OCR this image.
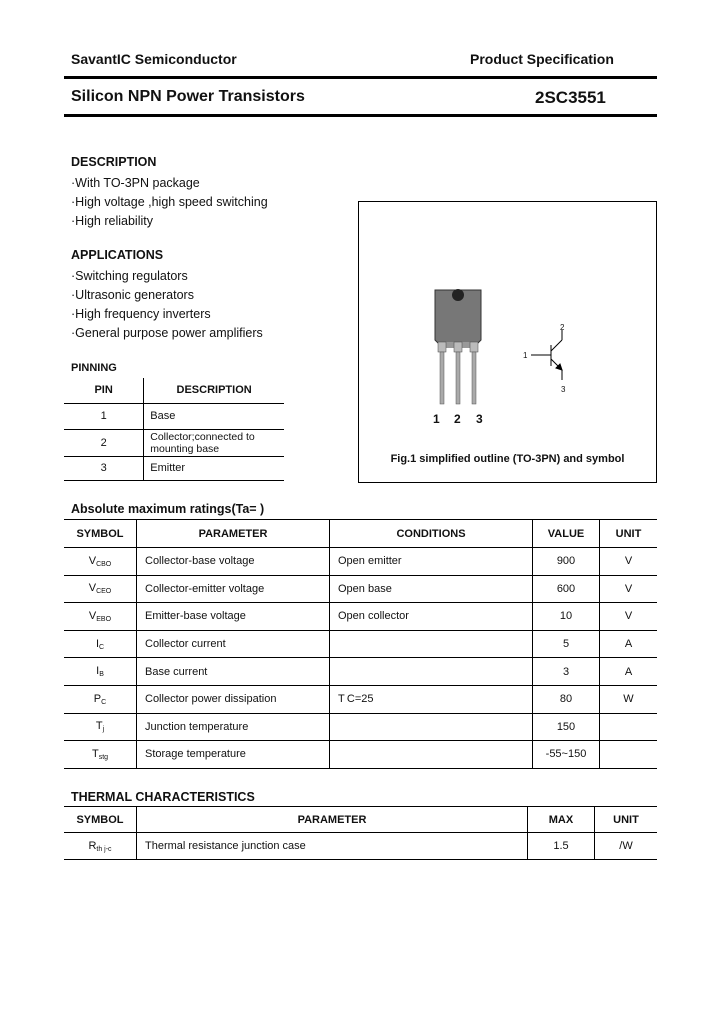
SavantIC Semiconductor	Product Specification
Silicon NPN Power Transistors	2SC3551
DESCRIPTION
·With TO-3PN package
·High voltage ,high speed switching
·High reliability
APPLICATIONS
·Switching regulators
·Ultrasonic generators
·High frequency inverters
·General purpose power amplifiers
PINNING
PIN	DESCRIPTION
1	Base
2	Collector;connected to mounting base
3	Emitter
1 2 3
2
1
3
Fig.1 simplified outline (TO-3PN) and symbol
Absolute maximum ratings(Ta= )
SYMBOL	PARAMETER	CONDITIONS	VALUE	UNIT
$V_{CBO}$	Collector-base voltage	Open emitter	900	V
$V_{CEO}$	Collector-emitter voltage	Open base	600	V
$V_{EBO}$	Emitter-base voltage	Open collector	10	V
$I_C$	Collector current		5	A
$I_B$	Base current		3	A
$P_C$	Collector power dissipation	T C=25	80	W
$T_j$	Junction temperature		150	
$T_{stg}$	Storage temperature		-55~150	
THERMAL CHARACTERISTICS
SYMBOL	PARAMETER	MAX	UNIT
$R_{th j-c}$	Thermal resistance junction case	1.5	/W
